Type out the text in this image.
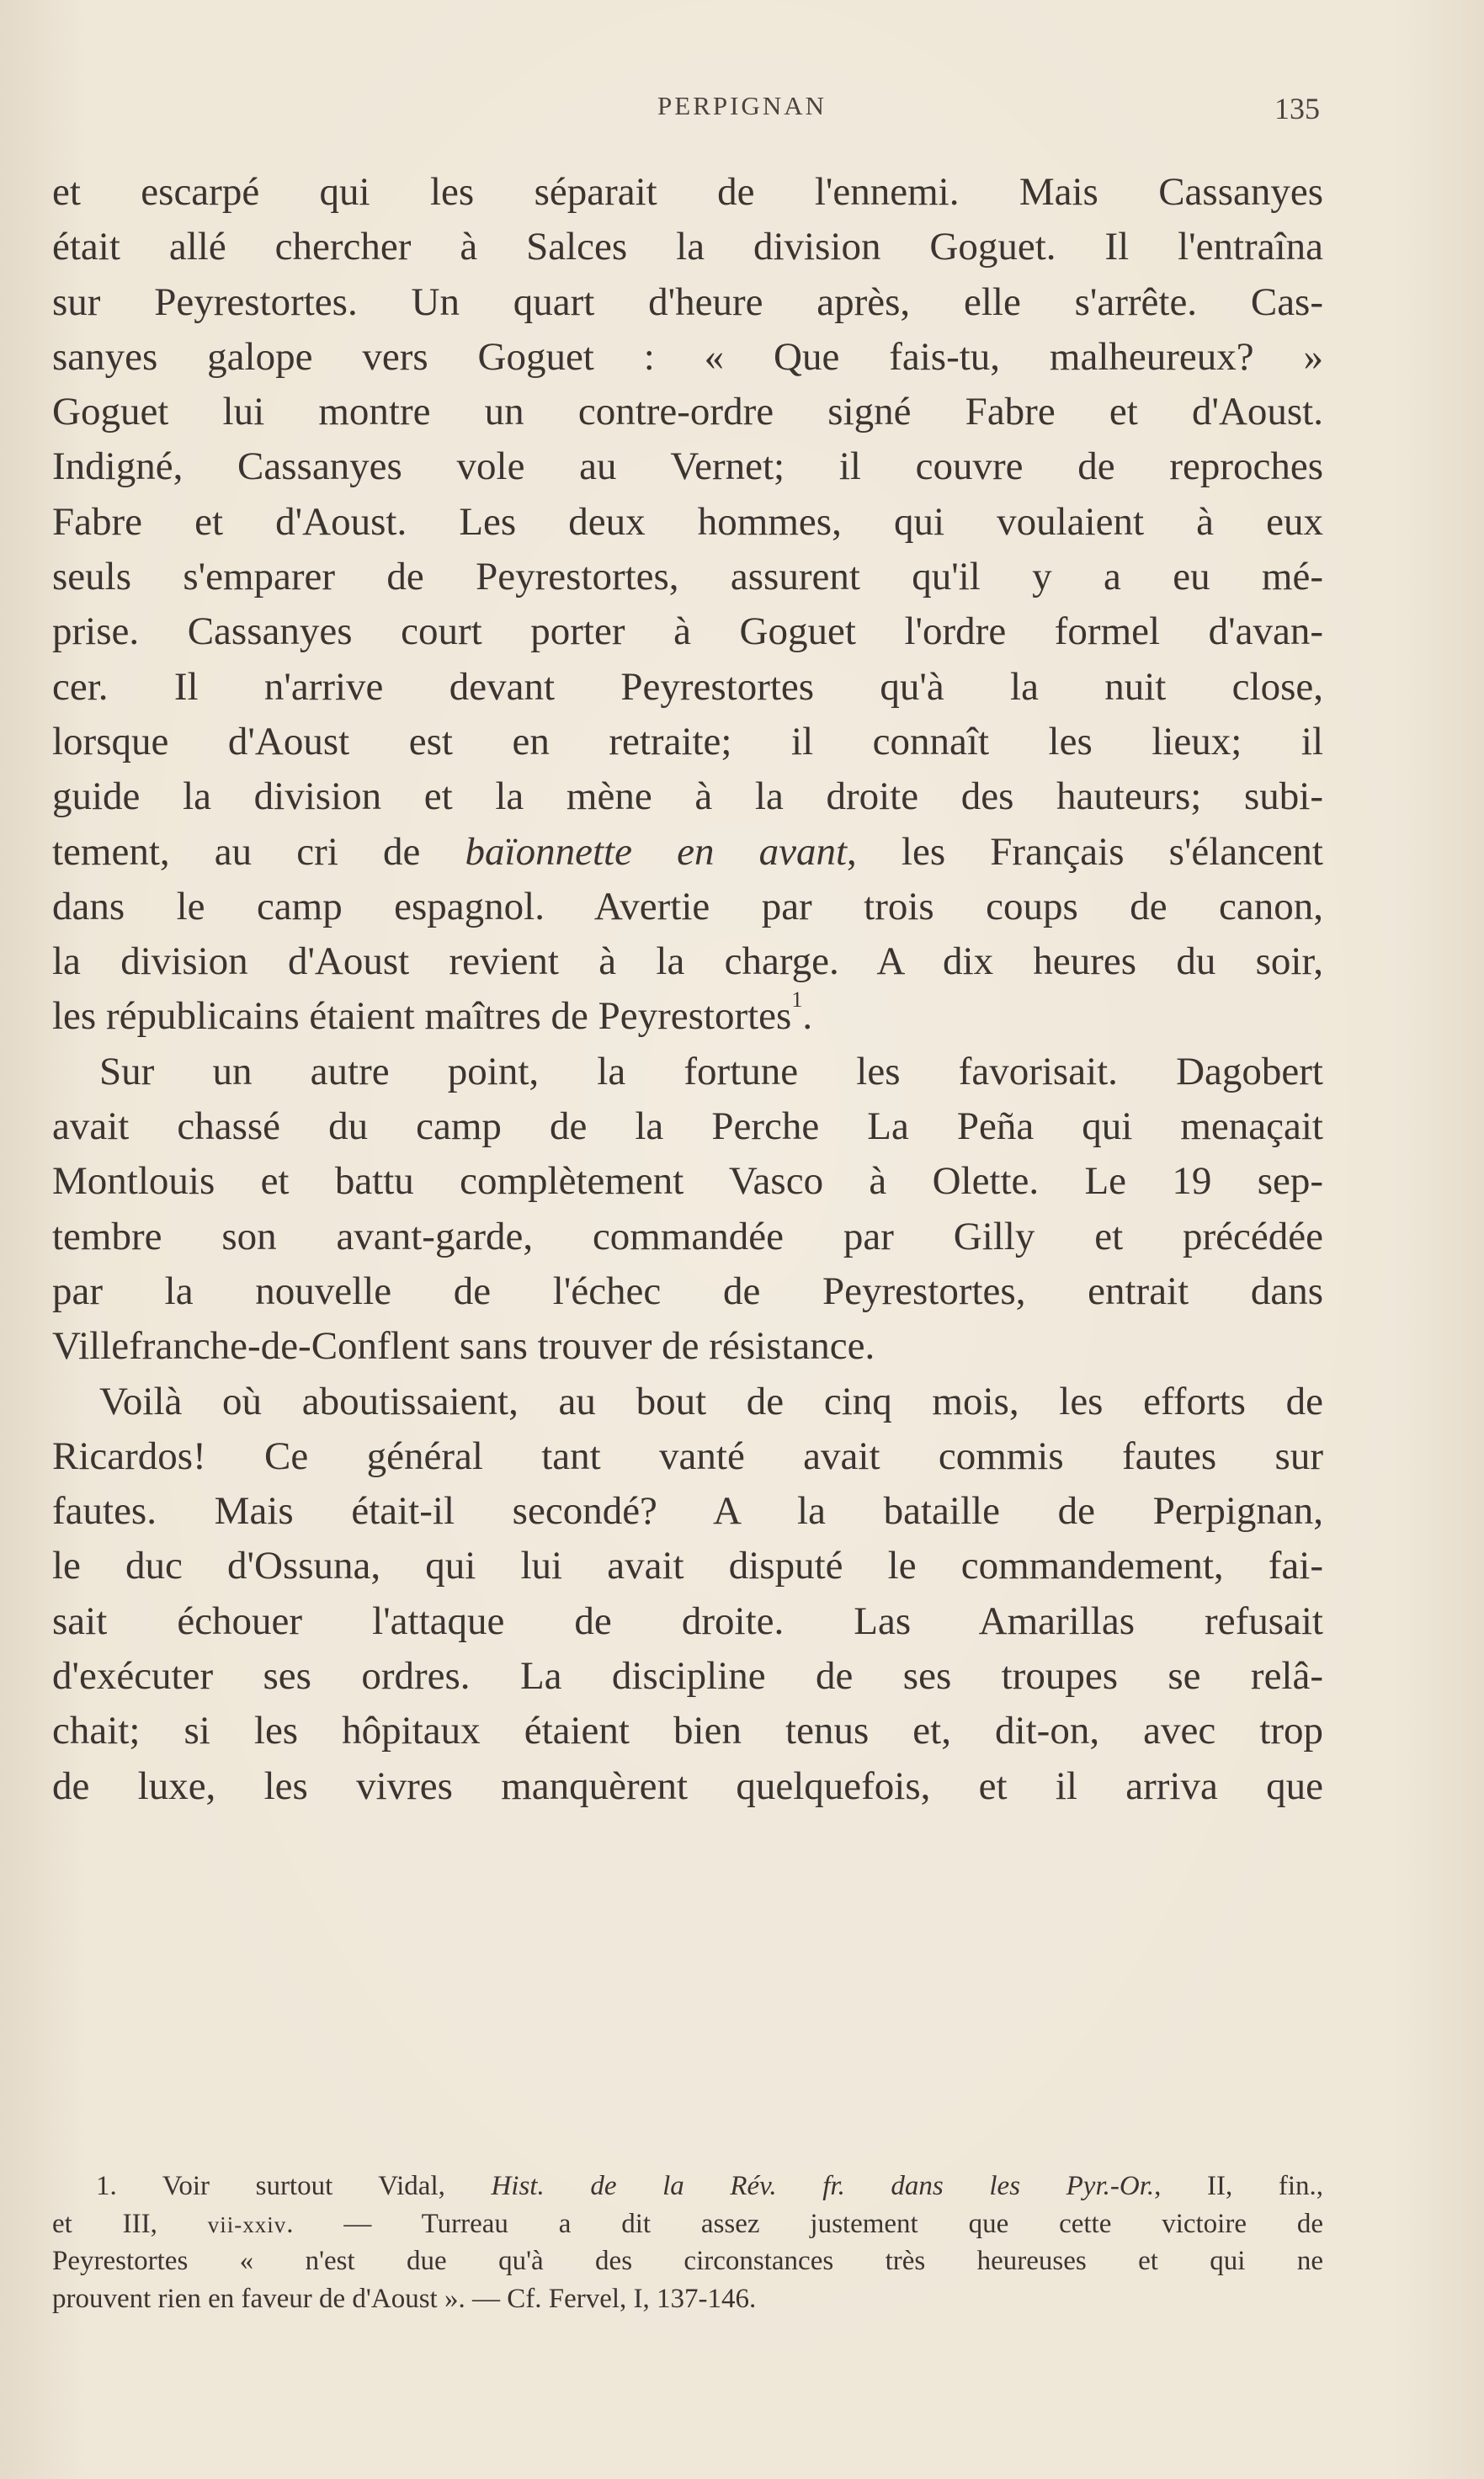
PERPIGNAN	135
et escarpé qui les séparait de l'ennemi. Mais Cassanyes
était allé chercher à Salces la division Goguet. Il l'entraîna
sur Peyrestortes. Un quart d'heure après, elle s'arrête. Cas-
sanyes galope vers Goguet : « Que fais-tu, malheureux? »
Goguet lui montre un contre-ordre signé Fabre et d'Aoust.
Indigné, Cassanyes vole au Vernet; il couvre de reproches
Fabre et d'Aoust. Les deux hommes, qui voulaient à eux
seuls s'emparer de Peyrestortes, assurent qu'il y a eu mé-
prise. Cassanyes court porter à Goguet l'ordre formel d'avan-
cer. Il n'arrive devant Peyrestortes qu'à la nuit close,
lorsque d'Aoust est en retraite; il connaît les lieux; il
guide la division et la mène à la droite des hauteurs; subi-
tement, au cri de baïonnette en avant, les Français s'élancent
dans le camp espagnol. Avertie par trois coups de canon,
la division d'Aoust revient à la charge. A dix heures du soir,
les républicains étaient maîtres de Peyrestortes$^1$.
Sur un autre point, la fortune les favorisait. Dagobert
avait chassé du camp de la Perche La Peña qui menaçait
Montlouis et battu complètement Vasco à Olette. Le 19 sep-
tembre son avant-garde, commandée par Gilly et précédée
par la nouvelle de l'échec de Peyrestortes, entrait dans
Villefranche-de-Conflent sans trouver de résistance.
Voilà où aboutissaient, au bout de cinq mois, les efforts de
Ricardos! Ce général tant vanté avait commis fautes sur
fautes. Mais était-il secondé? A la bataille de Perpignan,
le duc d'Ossuna, qui lui avait disputé le commandement, fai-
sait échouer l'attaque de droite. Las Amarillas refusait
d'exécuter ses ordres. La discipline de ses troupes se relâ-
chait; si les hôpitaux étaient bien tenus et, dit-on, avec trop
de luxe, les vivres manquèrent quelquefois, et il arriva que
1. Voir surtout Vidal, Hist. de la Rév. fr. dans les Pyr.-Or., II, fin.,
et III, vii-xxiv. — Turreau a dit assez justement que cette victoire de
Peyrestortes « n'est due qu'à des circonstances très heureuses et qui ne
prouvent rien en faveur de d'Aoust ». — Cf. Fervel, I, 137-146.
